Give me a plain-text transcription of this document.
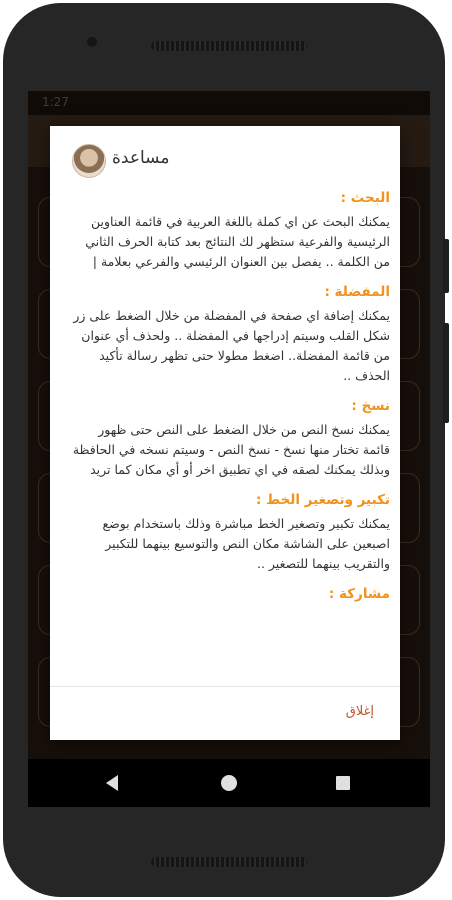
1:27
مساعدة
البحث :
يمكنك البحث عن اي كملة باللغة العربية في قائمة العناوين الرئيسية والفرعية ستظهر لك النتائج بعد كتابة الحرف الثاني من الكلمة .. يفصل بين العنوان الرئيسي والفرعي بعلامة |
المفضلة :
يمكنك إضافة اي صفحة في المفضلة من خلال الضغط على زر شكل القلب وسيتم إدراجها في المفضلة .. ولحذف أي عنوان من قائمة المفضلة.. اضغط مطولا حتى تظهر رسالة تأكيد الحذف ..
نسخ :
يمكنك نسخ النص من خلال الضغط على النص حتى ظهور قائمة تختار منها نسخ - نسخ النص - وسيتم نسخه في الحافظة وبذلك يمكنك لصقه في اي تطبيق اخر أو أي مكان كما تريد
تكبير وتصغير الخط :
يمكنك تكبير وتصغير الخط مباشرة وذلك باستخدام بوضع اصبعين على الشاشة مكان النص والتوسيع بينهما للتكبير والتقريب بينهما للتصغير ..
مشاركة :
إغلاق
